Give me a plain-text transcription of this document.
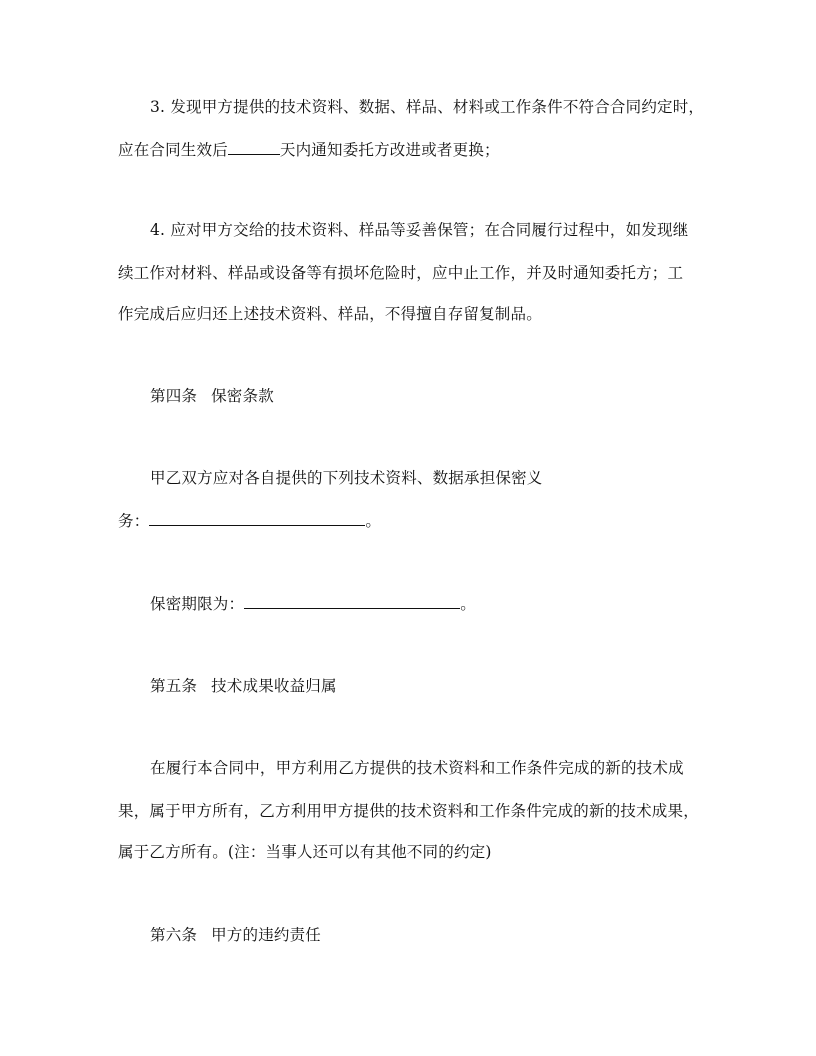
3. 发现甲方提供的技术资料、数据、样品、材料或工作条件不符合合同约定时，
应在合同生效后	天内通知委托方改进或者更换；
4. 应对甲方交给的技术资料、样品等妥善保管；在合同履行过程中，如发现继
续工作对材料、样品或设备等有损坏危险时，应中止工作，并及时通知委托方；工
作完成后应归还上述技术资料、样品，不得擅自存留复制品。
第四条 保密条款
甲乙双方应对各自提供的下列技术资料、数据承担保密义
务：	。
保密期限为：	。
第五条 技术成果收益归属
在履行本合同中，甲方利用乙方提供的技术资料和工作条件完成的新的技术成
果，属于甲方所有，乙方利用甲方提供的技术资料和工作条件完成的新的技术成果，
属于乙方所有。(注：当事人还可以有其他不同的约定)
第六条 甲方的违约责任
